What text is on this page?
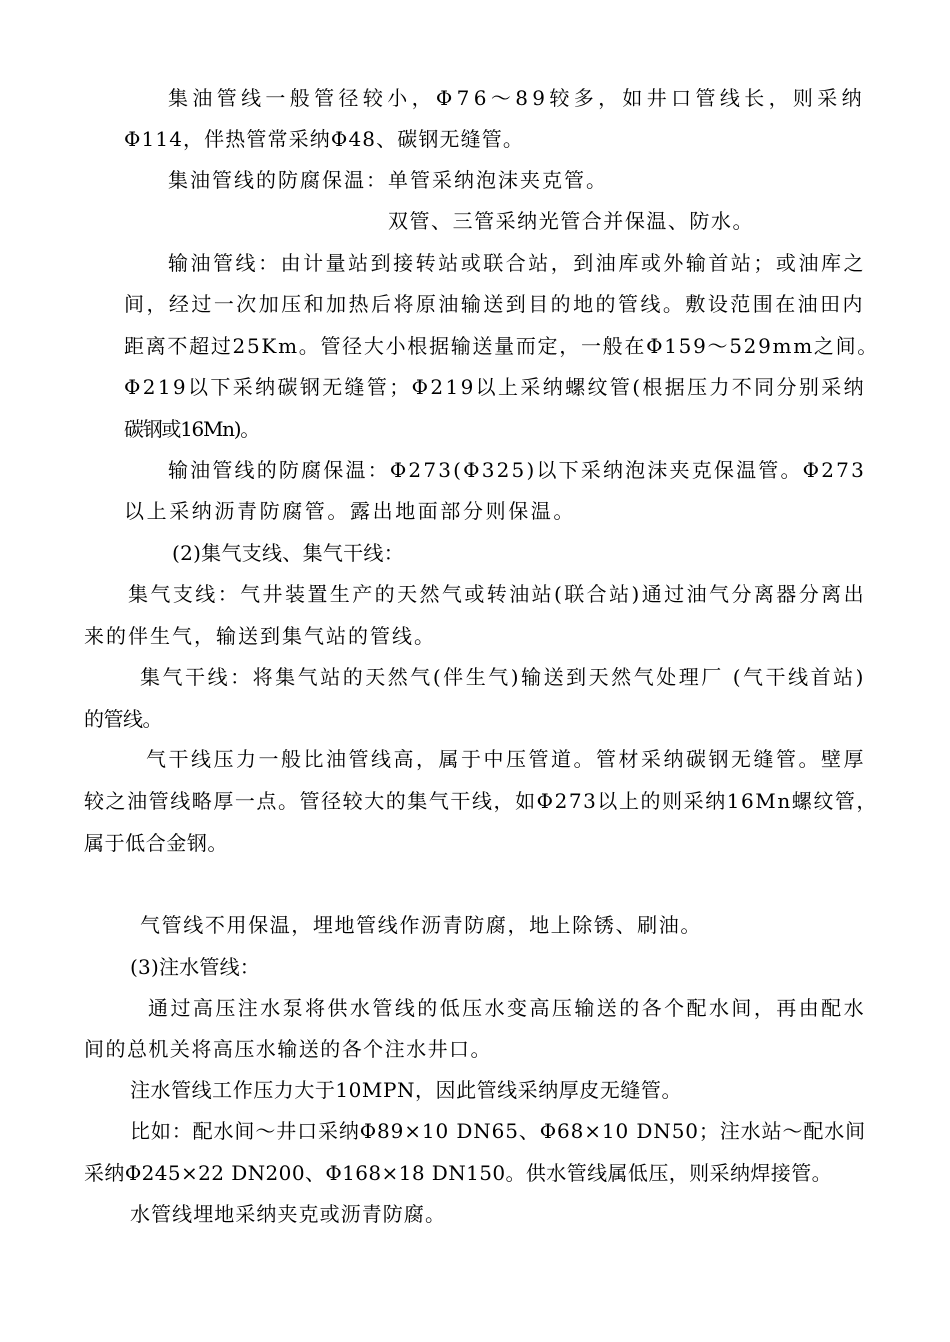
集油管线一般管径较小，Φ76～89较多，如井口管线长，则采纳

Φ114，伴热管常采纳Φ48、碳钢无缝管。

集油管线的防腐保温：单管采纳泡沫夹克管。

双管、三管采纳光管合并保温、防水。

输油管线：由计量站到接转站或联合站，到油库或外输首站；或油库之

间，经过一次加压和加热后将原油输送到目的地的管线。敷设范围在油田内

距离不超过25Km。管径大小根据输送量而定，一般在Φ159～529mm之间。

Φ219以下采纳碳钢无缝管；Φ219以上采纳螺纹管(根据压力不同分别采纳

碳钢或16Mn)。

输油管线的防腐保温：Φ273(Φ325)以下采纳泡沫夹克保温管。Φ273

以上采纳沥青防腐管。露出地面部分则保温。

(2)集气支线、集气干线：

集气支线：气井装置生产的天然气或转油站(联合站)通过油气分离器分离出

来的伴生气，输送到集气站的管线。

集气干线：将集气站的天然气(伴生气)输送到天然气处理厂 (气干线首站)

的管线。

气干线压力一般比油管线高，属于中压管道。管材采纳碳钢无缝管。壁厚

较之油管线略厚一点。管径较大的集气干线，如Φ273以上的则采纳16Mn螺纹管，

属于低合金钢。

气管线不用保温，埋地管线作沥青防腐，地上除锈、刷油。

(3)注水管线：

通过高压注水泵将供水管线的低压水变高压输送的各个配水间，再由配水

间的总机关将高压水输送的各个注水井口。

注水管线工作压力大于10MPN，因此管线采纳厚皮无缝管。

比如：配水间～井口采纳Φ89×10 DN65、Φ68×10 DN50；注水站～配水间

采纳Φ245×22 DN200、Φ168×18 DN150。供水管线属低压，则采纳焊接管。

水管线埋地采纳夹克或沥青防腐。
